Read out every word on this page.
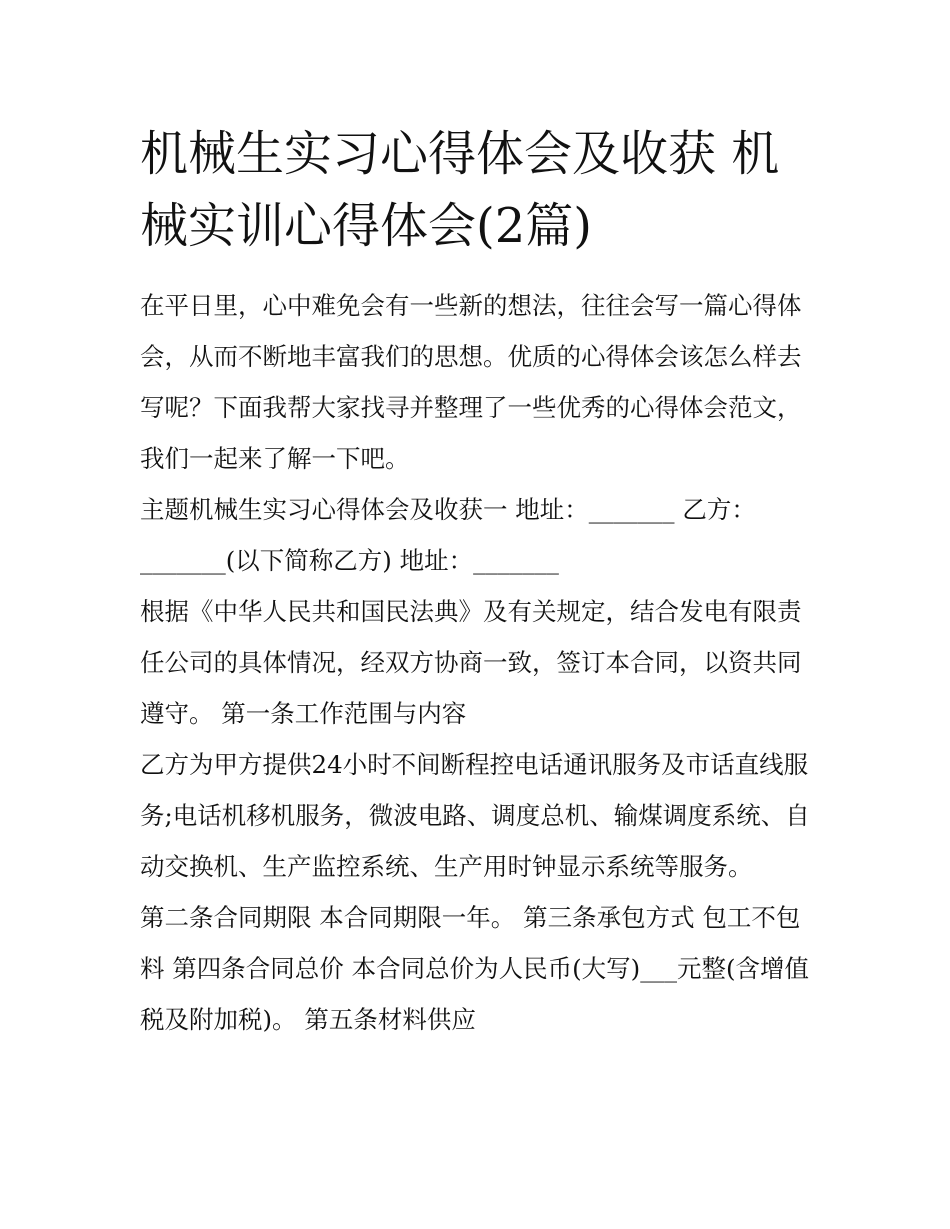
机械生实习心得体会及收获 机械实训心得体会(2篇)

在平日里，心中难免会有一些新的想法，往往会写一篇心得体会，从而不断地丰富我们的思想。优质的心得体会该怎么样去写呢？下面我帮大家找寻并整理了一些优秀的心得体会范文，我们一起来了解一下吧。

主题机械生实习心得体会及收获一 地址：_______ 乙方：_______(以下简称乙方) 地址：_______

根据《中华人民共和国民法典》及有关规定，结合发电有限责任公司的具体情况，经双方协商一致，签订本合同，以资共同遵守。 第一条工作范围与内容

乙方为甲方提供24小时不间断程控电话通讯服务及市话直线服务;电话机移机服务，微波电路、调度总机、输煤调度系统、自动交换机、生产监控系统、生产用时钟显示系统等服务。

第二条合同期限 本合同期限一年。 第三条承包方式 包工不包料 第四条合同总价 本合同总价为人民币(大写)___元整(含增值税及附加税)。 第五条材料供应
